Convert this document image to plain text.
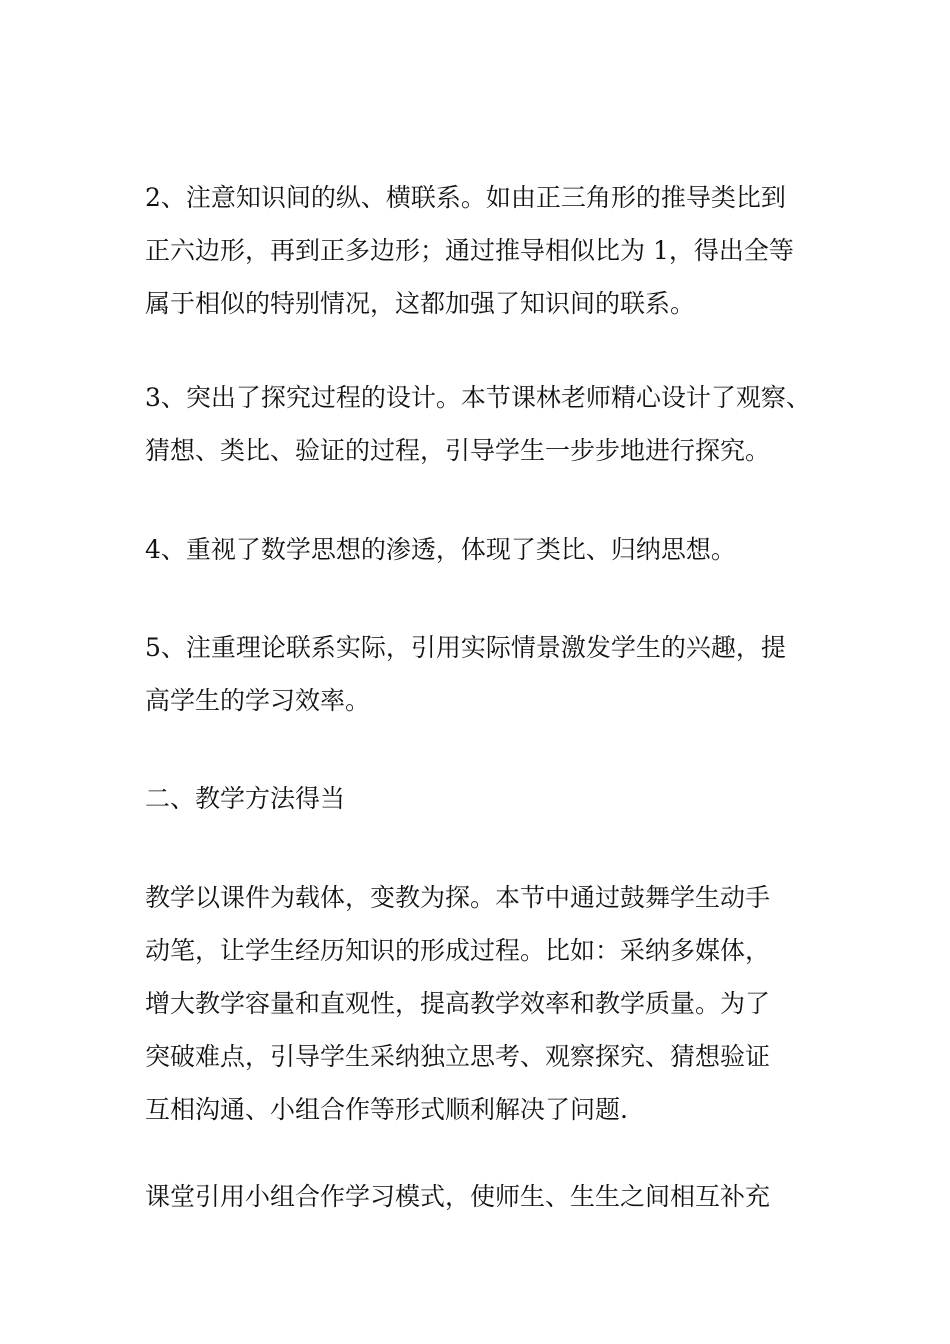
2、注意知识间的纵、横联系。如由正三角形的推导类比到
正六边形，再到正多边形；通过推导相似比为 1，得出全等
属于相似的特别情况，这都加强了知识间的联系。

3、突出了探究过程的设计。本节课林老师精心设计了观察、
猜想、类比、验证的过程，引导学生一步步地进行探究。

4、重视了数学思想的渗透，体现了类比、归纳思想。

5、注重理论联系实际，引用实际情景激发学生的兴趣，提
高学生的学习效率。

二、教学方法得当

教学以课件为载体，变教为探。本节中通过鼓舞学生动手
动笔，让学生经历知识的形成过程。比如：采纳多媒体，
增大教学容量和直观性，提高教学效率和教学质量。为了
突破难点，引导学生采纳独立思考、观察探究、猜想验证
互相沟通、小组合作等形式顺利解决了问题.

课堂引用小组合作学习模式，使师生、生生之间相互补充
